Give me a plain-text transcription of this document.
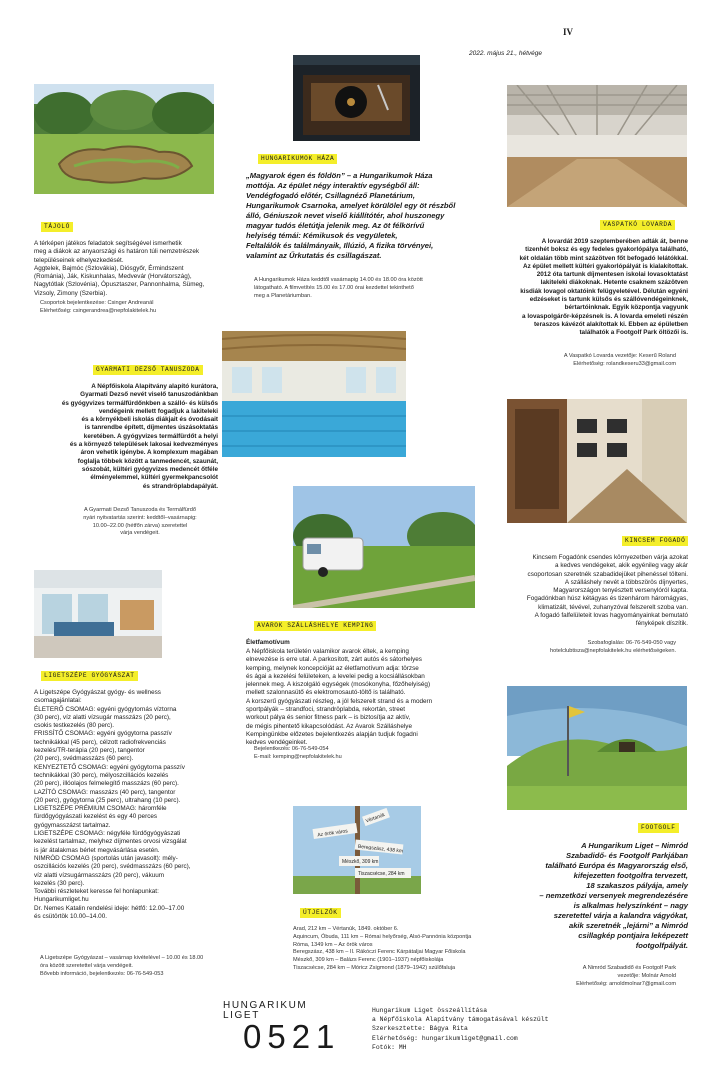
IV
2022. május 21., hétvége
TÁJOLÓ

A térképen játékos feladatok segítségével ismerhetik

meg a diákok az anyaországi és határon túli nemzetrészek

településeinek elhelyezkedését.

Aggtelek, Bajmóc (Szlovákia), Diósgyőr, Érmindszent

(Románia), Ják, Kiskunhalas, Medvevár (Horvátország),

Nagytótlak (Szlovénia), Ópusztaszer, Pannonhalma, Sümeg,

Vizsoly, Zimony (Szerbia).

Csoportok bejelentkezése: Csinger Andreanál

Elérhetőség: csingerandrea@nepfolakitelek.hu

HUNGARIKUMOK HÁZA

„Magyarok égen és földön” – a Hungarikumok Háza

mottója. Az épület négy interaktív egységből áll:

Vendégfogadó előtér, Csillagnéző Planetárium,

Hungarikumok Csarnoka, amelyet körülölel egy öt részből

álló, Géniuszok nevet viselő kiállítótér, ahol huszonegy

magyar tudós életútja jelenik meg. Az öt félkörívű

helyiség témái: Kémikusok és vegyületek,

Feltalálók és találmányaik, Illúzió, A fizika törvényei,

valamint az Űrkutatás és csillagászat.

A Hungarikumok Háza keddtől vasárnapig 14.00 és 18.00 óra között

látogatható. A filmvetítés 15.00 és 17.00 órai kezdettel tekinthető

meg a Planetáriumban.

VASPATKÓ LOVARDA

A lovardát 2019 szeptemberében adták át, benne

tizenhét boksz és egy fedeles gyakorlópálya található,

két oldalán több mint százötven főt befogadó lelátókkal.

Az épület mellett kültéri gyakorlópályát is kialakítottak.

2012 óta tartunk díjmentesen iskolai lovasoktatást

lakiteleki diákoknak. Hetente csaknem százötven

kisdiák lovagol oktatóink felügyeletével. Délután egyéni

edzéseket is tartunk külsős és szállóvendégeinknek,

bértartóinknak. Egyik központja vagyunk

a lovaspolgárőr-képzésnek is. A lovarda emeleti részén

teraszos kávézót alakítottak ki. Ebben az épületben

találhatók a Footgolf Park öltözői is.

A Vaspatkó Lovarda vezetője: Keserű Roland

Elérhetőség: rolandkeseru33@gmail.com

GYARMATI DEZSŐ TANUSZODA

A Népfőiskola Alapítvány alapító kurátora,

Gyarmati Dezső nevét viselő tanuszodánkban

és gyógyvizes termálfürdőnkben a szálló- és külsős

vendégeink mellett fogadjuk a lakiteleki

és a környékbeli iskolás diákjait és óvodásait

is tanrendbe épített, díjmentes úszásoktatás

keretében. A gyógyvizes termálfürdőt a helyi

és a környező települések lakosai kedvezményes

áron vehetik igénybe. A komplexum magában

foglalja többek között a tanmedencét, szaunát,

sószobát, kültéri gyógyvizes medencét őtféle

élményelemmel, kültéri gyermekpancsolót

és strandröplabdapályát.

A Gyarmati Dezső Tanuszoda és Termálfürdő

nyári nyitvatartás szerint: keddtől–vasárnapig:

10.00–22.00 (hétfőn zárva) szeretettel

várja vendégeit.

KINCSEM FOGADÓ

Kincsem Fogadónk csendes környezetben várja azokat

a kedves vendégeket, akik egyénileg vagy akár

csoportosan szeretnék szabadidejüket pihenéssel tölteni.

A szálláshely nevét a többszörös díjnyertes,

Magyarországon tenyésztett versenylóról kapta.

Fogadónkban húsz kétágyas és tizenhárom háromágyas,

klimatizált, tévével, zuhanyzóval felszerelt szoba van.

A fogadó falfelületeit lovas hagyományainkat bemutató

fényképek díszítik.

Szobafoglalás: 06-76-549-050 vagy

hotelclubtisza@nepfolakitelek.hu elérhetőségeken.

AVAROK SZÁLLÁSHELYE KEMPING
Életfamotívum

A Népfőiskola területén valamikor avarok éltek, a kemping

elnevezése is erre utal. A parkosított, zárt autós és sátorhelyes

kemping, melynek koncepcióját az életfamotívum adja: törzse

és ágai a kezelési felületeken, a levelei pedig a kocsiállásokban

jelennek meg. A kiszolgáló egységek (mosókonyha, főzőhelyiség)

mellett szalonnasütő és elektromosautó-töltő is található.

A korszerű gyógyászati részleg, a jól felszerelt strand és a modern

sportpályák – strandfoci, strandröplabda, rekortán, street

workout pálya és senior fitness park – is biztosítja az aktív,

de mégis pihentető kikapcsolódást. Az Avarok Szálláshelye

Kempingünkbe előzetes bejelentkezés alapján tudjuk fogadni

kedves vendégeinket.

Bejelentkezés: 06-76-549-054

E-mail: kemping@nepfolakitelek.hu

LIGETSZÉPE GYÓGYÁSZAT

A Ligetszépe Gyógyászat gyógy- és wellness

csomagajánlatai:

ÉLETERŐ CSOMAG: egyéni gyógytornás víztorna

(30 perc), víz alatti vízsugár masszázs (20 perc),

csokis testkezelés (80 perc).

FRISSÍTŐ CSOMAG: egyéni gyógytorna passzív

technikákkal (45 perc), célzott radiofrekvenciás

kezelés/TR-terápia (20 perc), tangentor

(20 perc), svédmasszázs (60 perc).

KENYEZTETŐ CSOMAG: egyéni gyógytorna passzív

technikákkal (30 perc), mélyoszcillációs kezelés

(20 perc), illóolajos felmelegítő masszázs (60 perc).

LAZÍTÓ CSOMAG: masszázs (40 perc), tangentor

(20 perc), gyógytorna (25 perc), ultrahang (10 perc).

LIGETSZÉPE PRÉMIUM CSOMAG: háromféle

fürdőgyógyászati kezelést és egy 40 perces

gyógymasszázst tartalmaz.

LIGETSZÉPE CSOMAG: négyféle fürdőgyógyászati

kezelést tartalmaz, melyhez díjmentes orvosi vizsgálat

is jár átalakmas bérlet megvásárlása esetén.

NIMRÓD CSOMAG (sportolás után javasolt): mély-

oszcillációs kezelés (20 perc), svédmasszázs (60 perc),

víz alatti vízsugármasszázs (20 perc), vákuum

kezelés (30 perc).

További részleteket keresse fel honlapunkat:

Hungarikumliget.hu

Dr. Nemes Katalin rendelési ideje: hétfő: 12.00–17.00

és csütörtök 10.00–14.00.

A Ligetszépe Gyógyászat – vasárnap kivételével – 10.00 és 18.00

óra között szeretettel várja vendégeit.

Bővebb információ, bejelentkezés: 06-76-549-053

Az örök város
Beregszász, 438 km
Mészkő, 309 km
Tiszacsécse, 284 km
Vértanúk
ÚTJELZŐK

Arad, 212 km – Vértanúk, 1849. október 6.

Aquincum, Óbuda, 111 km – Római helyőrség, Alsó-Pannónia központja

Róma, 1349 km – Az örök város

Beregszász, 438 km – II. Rákóczi Ferenc Kárpátaljai Magyar Főiskola

Mészkő, 309 km – Balázs Ferenc (1901–1937) népfőiskolája

Tiszacsécse, 284 km – Móricz Zsigmond (1879–1942) szülőfaluja

FOOTGOLF

A Hungarikum Liget – Nimród

Szabadidő- és Footgolf Parkjában

található Európa és Magyarország első,

kifejezetten footgolfra tervezett,

18 szakaszos pályája, amely

– nemzetközi versenyek megrendezésére

is alkalmas helyszínként – nagy

szeretettel várja a kalandra vágyókat,

akik szeretnék „lejárni” a Nimród

csillagkép pontjaira leképezett

footgolfpályát.

A Nimród Szabadidő és Footgolf Park

vezetője: Molnár Arnold

Elérhetőség: arnoldmolnar7@gmail.com

HUNGARIKUM
LIGET
0521

Hungarikum Liget összeállítása

a Népfőiskola Alapítvány támogatásával készült

Szerkesztette: Bágya Rita

Elérhetőség: hungarikumliget@gmail.com

Fotók: MH
